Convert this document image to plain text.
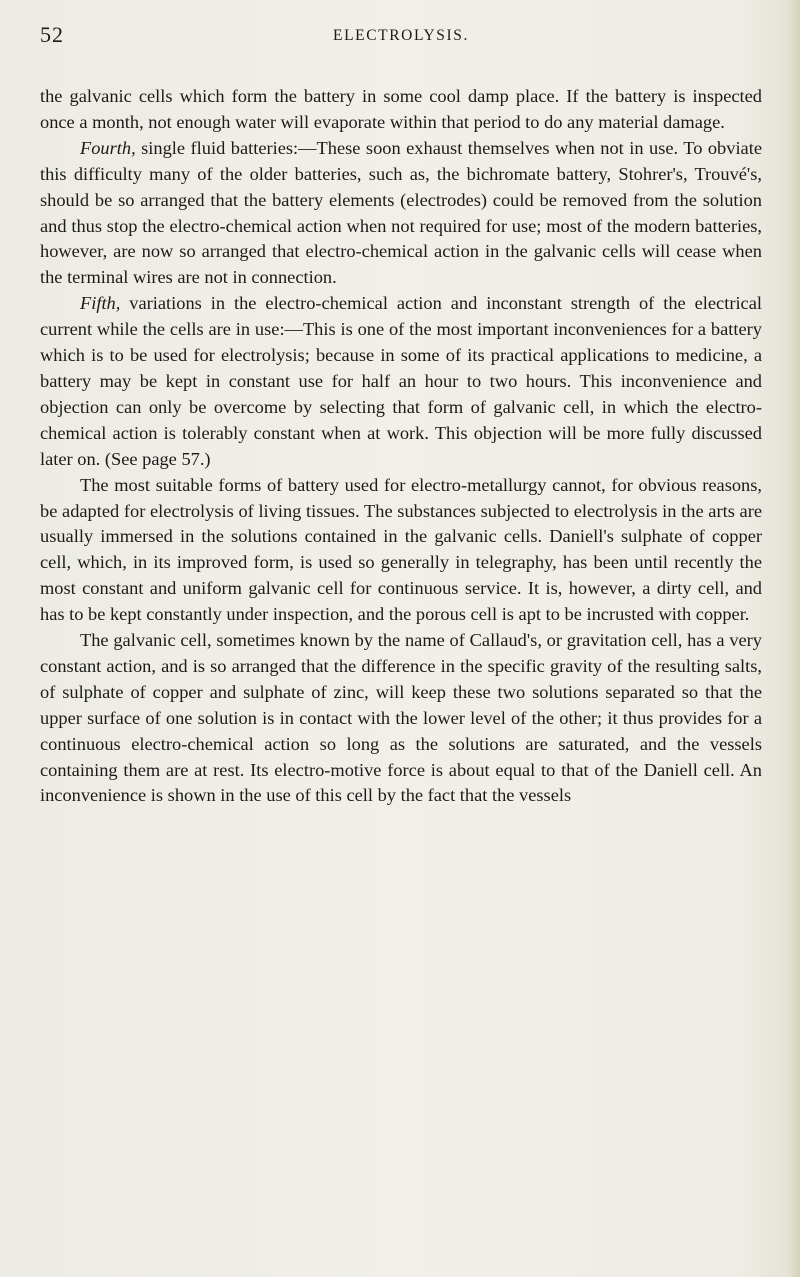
52	ELECTROLYSIS.

the galvanic cells which form the battery in some cool damp place. If the battery is inspected once a month, not enough water will evaporate within that period to do any material damage.

Fourth, single fluid batteries:—These soon exhaust themselves when not in use. To obviate this difficulty many of the older batteries, such as, the bichromate battery, Stohrer's, Trouvé's, should be so arranged that the battery elements (electrodes) could be removed from the solution and thus stop the electro-chemical action when not required for use; most of the modern batteries, however, are now so arranged that electro-chemical action in the galvanic cells will cease when the terminal wires are not in connection.

Fifth, variations in the electro-chemical action and inconstant strength of the electrical current while the cells are in use:—This is one of the most important inconveniences for a battery which is to be used for electrolysis; because in some of its practical applications to medicine, a battery may be kept in constant use for half an hour to two hours. This inconvenience and objection can only be overcome by selecting that form of galvanic cell, in which the electro-chemical action is tolerably constant when at work. This objection will be more fully discussed later on. (See page 57.)

The most suitable forms of battery used for electro-metallurgy cannot, for obvious reasons, be adapted for electrolysis of living tissues. The substances subjected to electrolysis in the arts are usually immersed in the solutions contained in the galvanic cells. Daniell's sulphate of copper cell, which, in its improved form, is used so generally in telegraphy, has been until recently the most constant and uniform galvanic cell for continuous service. It is, however, a dirty cell, and has to be kept constantly under inspection, and the porous cell is apt to be incrusted with copper.

The galvanic cell, sometimes known by the name of Callaud's, or gravitation cell, has a very constant action, and is so arranged that the difference in the specific gravity of the resulting salts, of sulphate of copper and sulphate of zinc, will keep these two solutions separated so that the upper surface of one solution is in contact with the lower level of the other; it thus provides for a continuous electro-chemical action so long as the solutions are saturated, and the vessels containing them are at rest. Its electro-motive force is about equal to that of the Daniell cell. An inconvenience is shown in the use of this cell by the fact that the vessels
